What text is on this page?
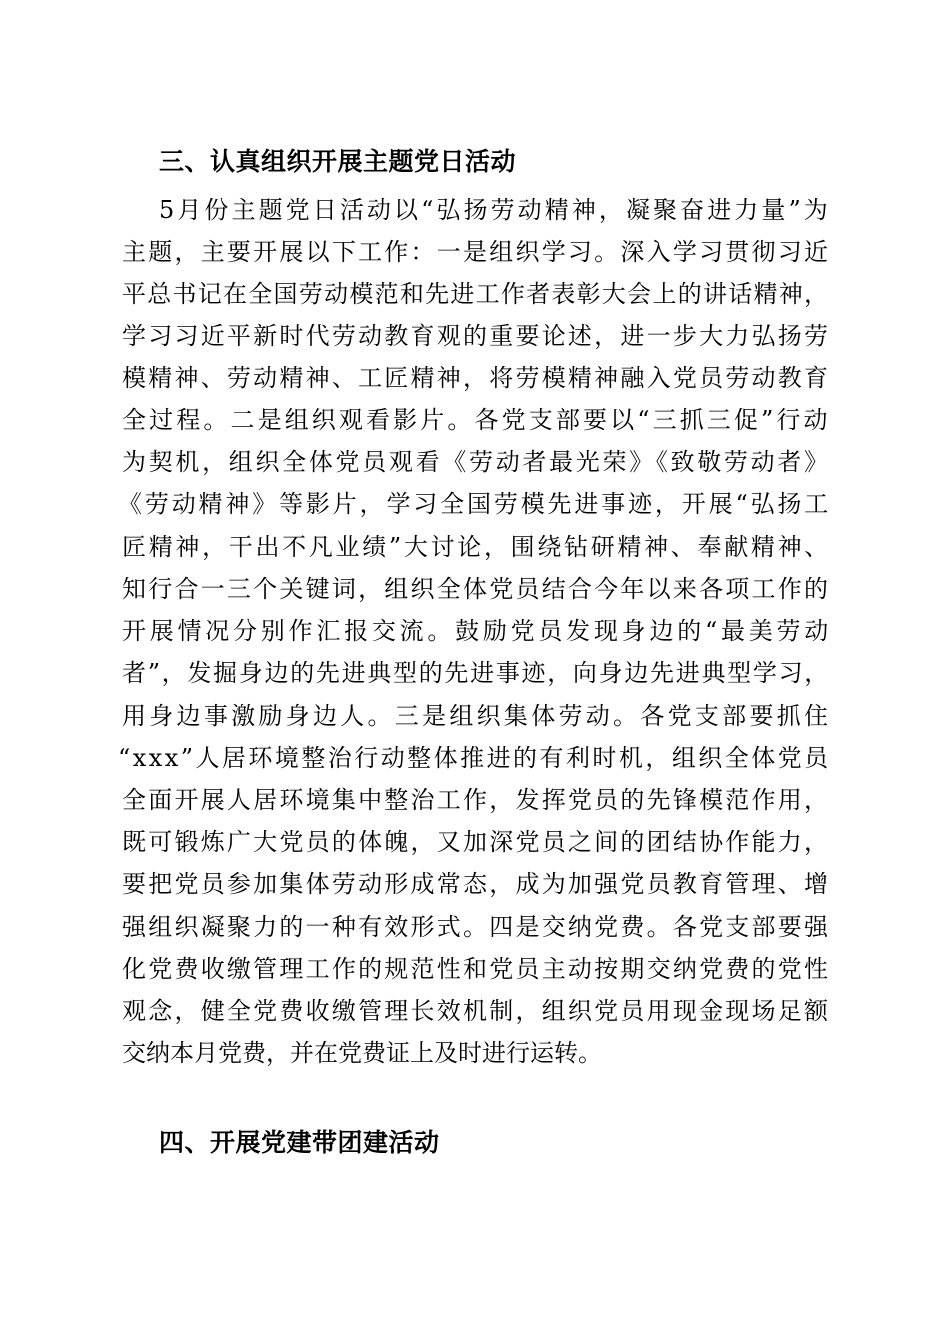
三、认真组织开展主题党日活动
5月份主题党日活动以“弘扬劳动精神，凝聚奋进力量”为
主题，主要开展以下工作：一是组织学习。深入学习贯彻习近
平总书记在全国劳动模范和先进工作者表彰大会上的讲话精神，
学习习近平新时代劳动教育观的重要论述，进一步大力弘扬劳
模精神、劳动精神、工匠精神，将劳模精神融入党员劳动教育
全过程。二是组织观看影片。各党支部要以“三抓三促”行动
为契机，组织全体党员观看《劳动者最光荣》《致敬劳动者》
《劳动精神》等影片，学习全国劳模先进事迹，开展“弘扬工
匠精神，干出不凡业绩”大讨论，围绕钻研精神、奉献精神、
知行合一三个关键词，组织全体党员结合今年以来各项工作的
开展情况分别作汇报交流。鼓励党员发现身边的“最美劳动
者”，发掘身边的先进典型的先进事迹，向身边先进典型学习，
用身边事激励身边人。三是组织集体劳动。各党支部要抓住
“xxx”人居环境整治行动整体推进的有利时机，组织全体党员
全面开展人居环境集中整治工作，发挥党员的先锋模范作用，
既可锻炼广大党员的体魄，又加深党员之间的团结协作能力，
要把党员参加集体劳动形成常态，成为加强党员教育管理、增
强组织凝聚力的一种有效形式。四是交纳党费。各党支部要强
化党费收缴管理工作的规范性和党员主动按期交纳党费的党性
观念，健全党费收缴管理长效机制，组织党员用现金现场足额
交纳本月党费，并在党费证上及时进行运转。
四、开展党建带团建活动
